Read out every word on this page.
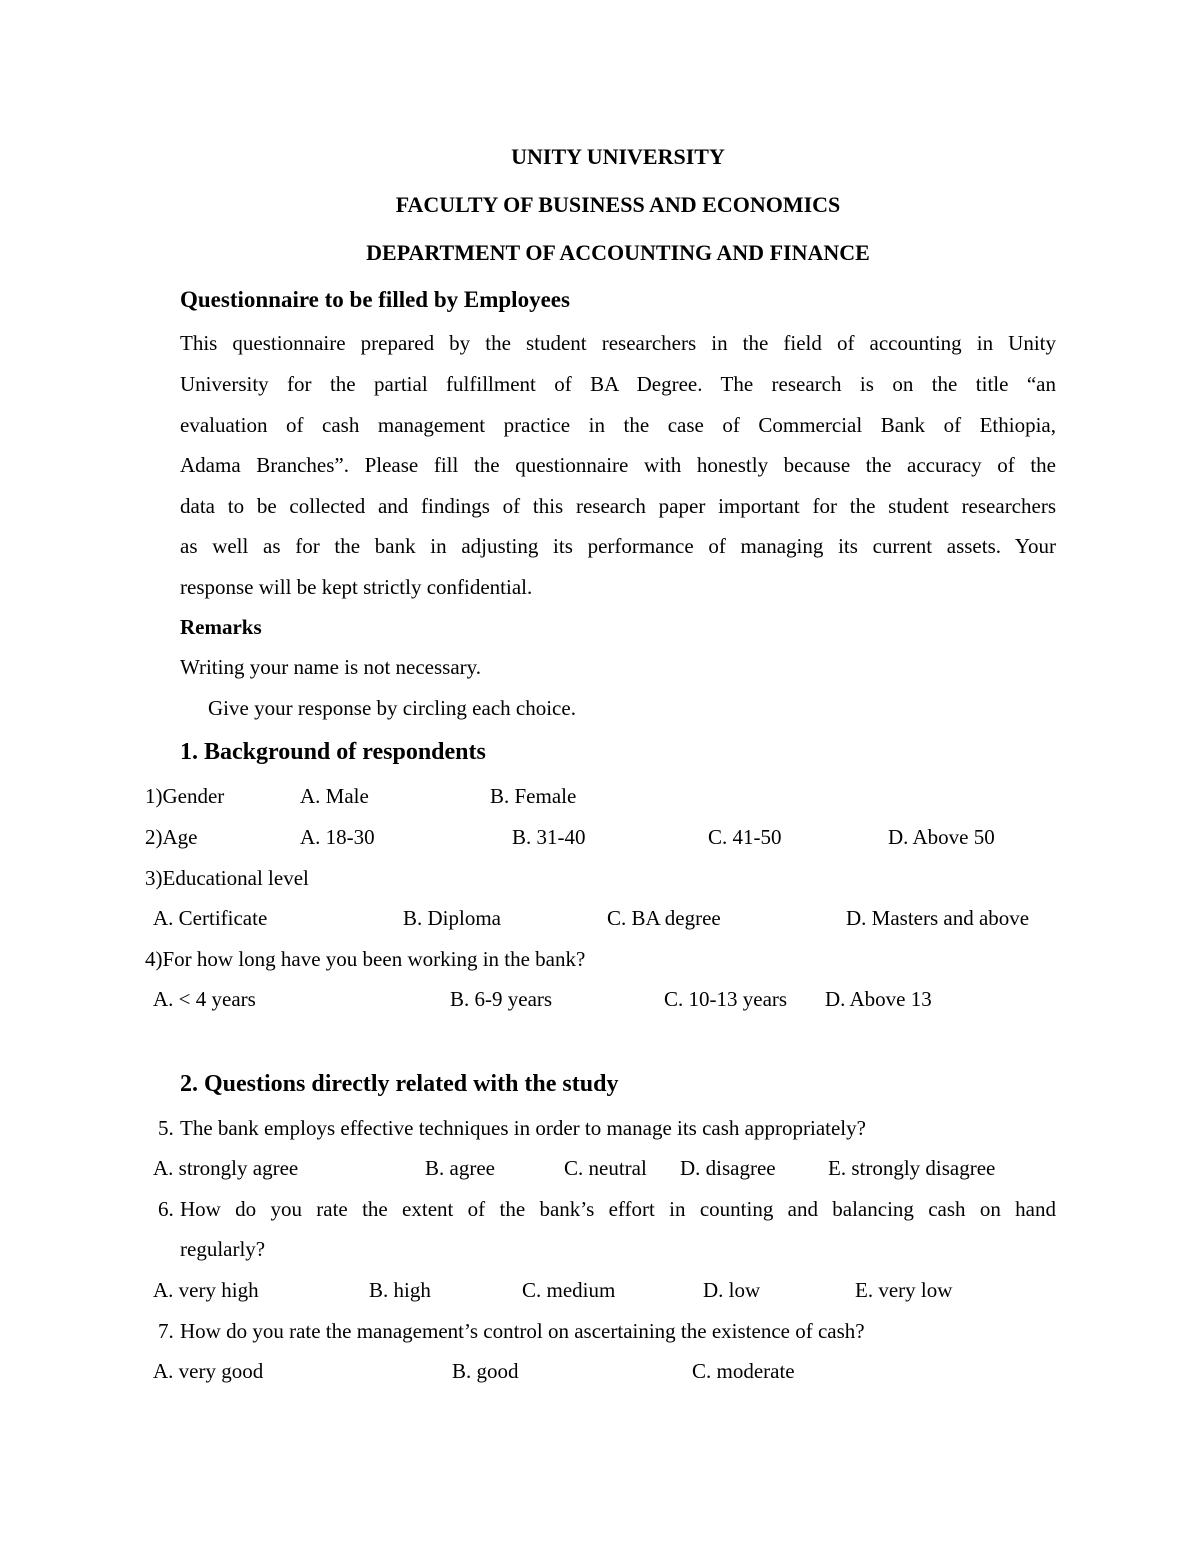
UNITY UNIVERSITY
FACULTY OF BUSINESS AND ECONOMICS
DEPARTMENT OF ACCOUNTING AND FINANCE
Questionnaire to be filled by Employees
This questionnaire prepared by the student researchers in the field of accounting in Unity
University for the partial fulfillment of BA Degree. The research is on the title “an
evaluation of cash management practice in the case of Commercial Bank of Ethiopia,
Adama Branches”. Please fill the questionnaire with honestly because the accuracy of the
data to be collected and findings of this research paper important for the student researchers
as well as for the bank in adjusting its performance of managing its current assets. Your
response will be kept strictly confidential.
Remarks
Writing your name is not necessary.
Give your response by circling each choice.
1. Background of respondents
1)Gender	A. Male	B. Female
2)Age	A. 18-30	B. 31-40	C. 41-50	D. Above 50
3)Educational level
A. Certificate	B. Diploma	C. BA degree	D. Masters and above
4)For how long have you been working in the bank?
A. < 4 years	B. 6-9 years	C. 10-13 years D. Above 13
2. Questions directly related with the study
5. The bank employs effective techniques in order to manage its cash appropriately?
A. strongly agree	B. agree	C. neutral D. disagree E. strongly disagree
6. How do you rate the extent of the bank’s effort in counting and balancing cash on hand
regularly?
A. very high	B. high	C. medium	D. low	E. very low
7. How do you rate the management’s control on ascertaining the existence of cash?
A. very good	B. good	C. moderate
